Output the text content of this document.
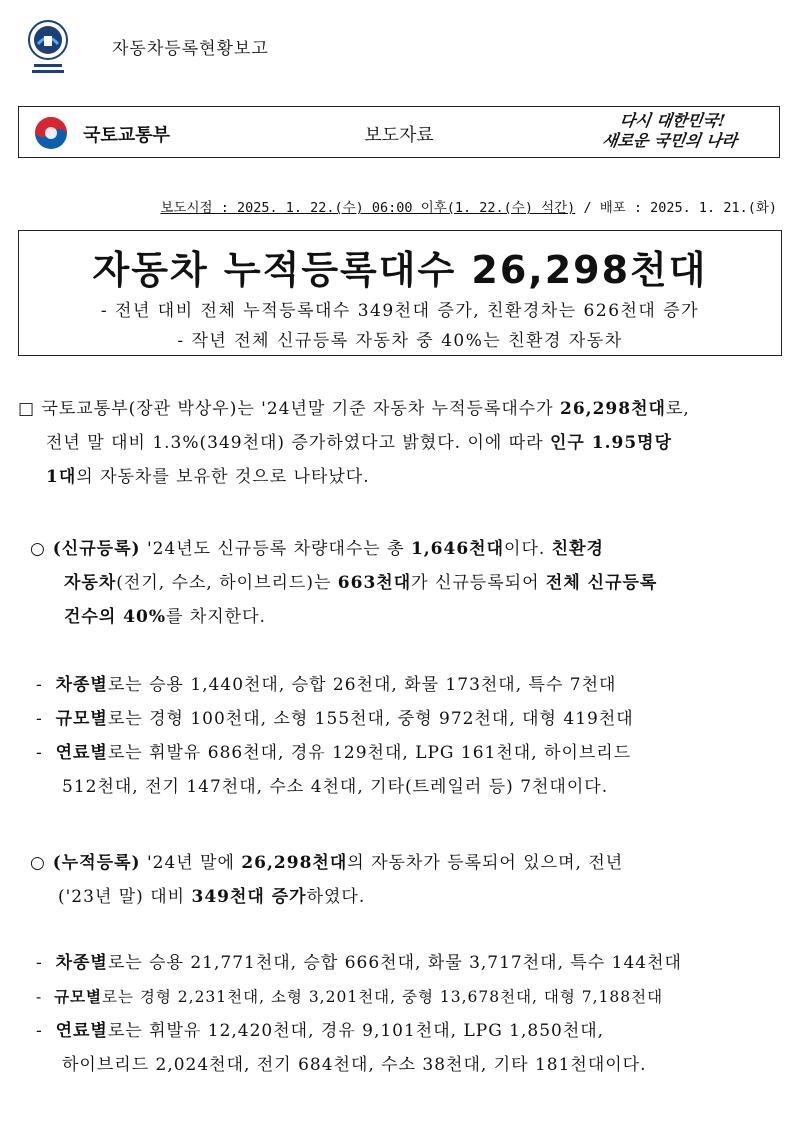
자동차등록현황보고
국토교통부	보도자료
다시 대한민국!
새로운 국민의 나라
보도시점 : 2025. 1. 22.(수) 06:00 이후(1. 22.(수) 석간) / 배포 : 2025. 1. 21.(화)
자동차 누적등록대수 26,298천대
- 전년 대비 전체 누적등록대수 349천대 증가, 친환경차는 626천대 증가
- 작년 전체 신규등록 자동차 중 40%는 친환경 자동차
□ 국토교통부(장관 박상우)는 '24년말 기준 자동차 누적등록대수가 26,298천대로,
전년 말 대비 1.3%(349천대) 증가하였다고 밝혔다. 이에 따라 인구 1.95명당
1대의 자동차를 보유한 것으로 나타났다.
○ (신규등록) '24년도 신규등록 차량대수는 총 1,646천대이다. 친환경
자동차(전기, 수소, 하이브리드)는 663천대가 신규등록되어 전체 신규등록
건수의 40%를 차지한다.
- 차종별로는 승용 1,440천대, 승합 26천대, 화물 173천대, 특수 7천대
- 규모별로는 경형 100천대, 소형 155천대, 중형 972천대, 대형 419천대
- 연료별로는 휘발유 686천대, 경유 129천대, LPG 161천대, 하이브리드
512천대, 전기 147천대, 수소 4천대, 기타(트레일러 등) 7천대이다.
○ (누적등록) '24년 말에 26,298천대의 자동차가 등록되어 있으며, 전년
('23년 말) 대비 349천대 증가하였다.
- 차종별로는 승용 21,771천대, 승합 666천대, 화물 3,717천대, 특수 144천대
- 규모별로는 경형 2,231천대, 소형 3,201천대, 중형 13,678천대, 대형 7,188천대
- 연료별로는 휘발유 12,420천대, 경유 9,101천대, LPG 1,850천대,
하이브리드 2,024천대, 전기 684천대, 수소 38천대, 기타 181천대이다.
